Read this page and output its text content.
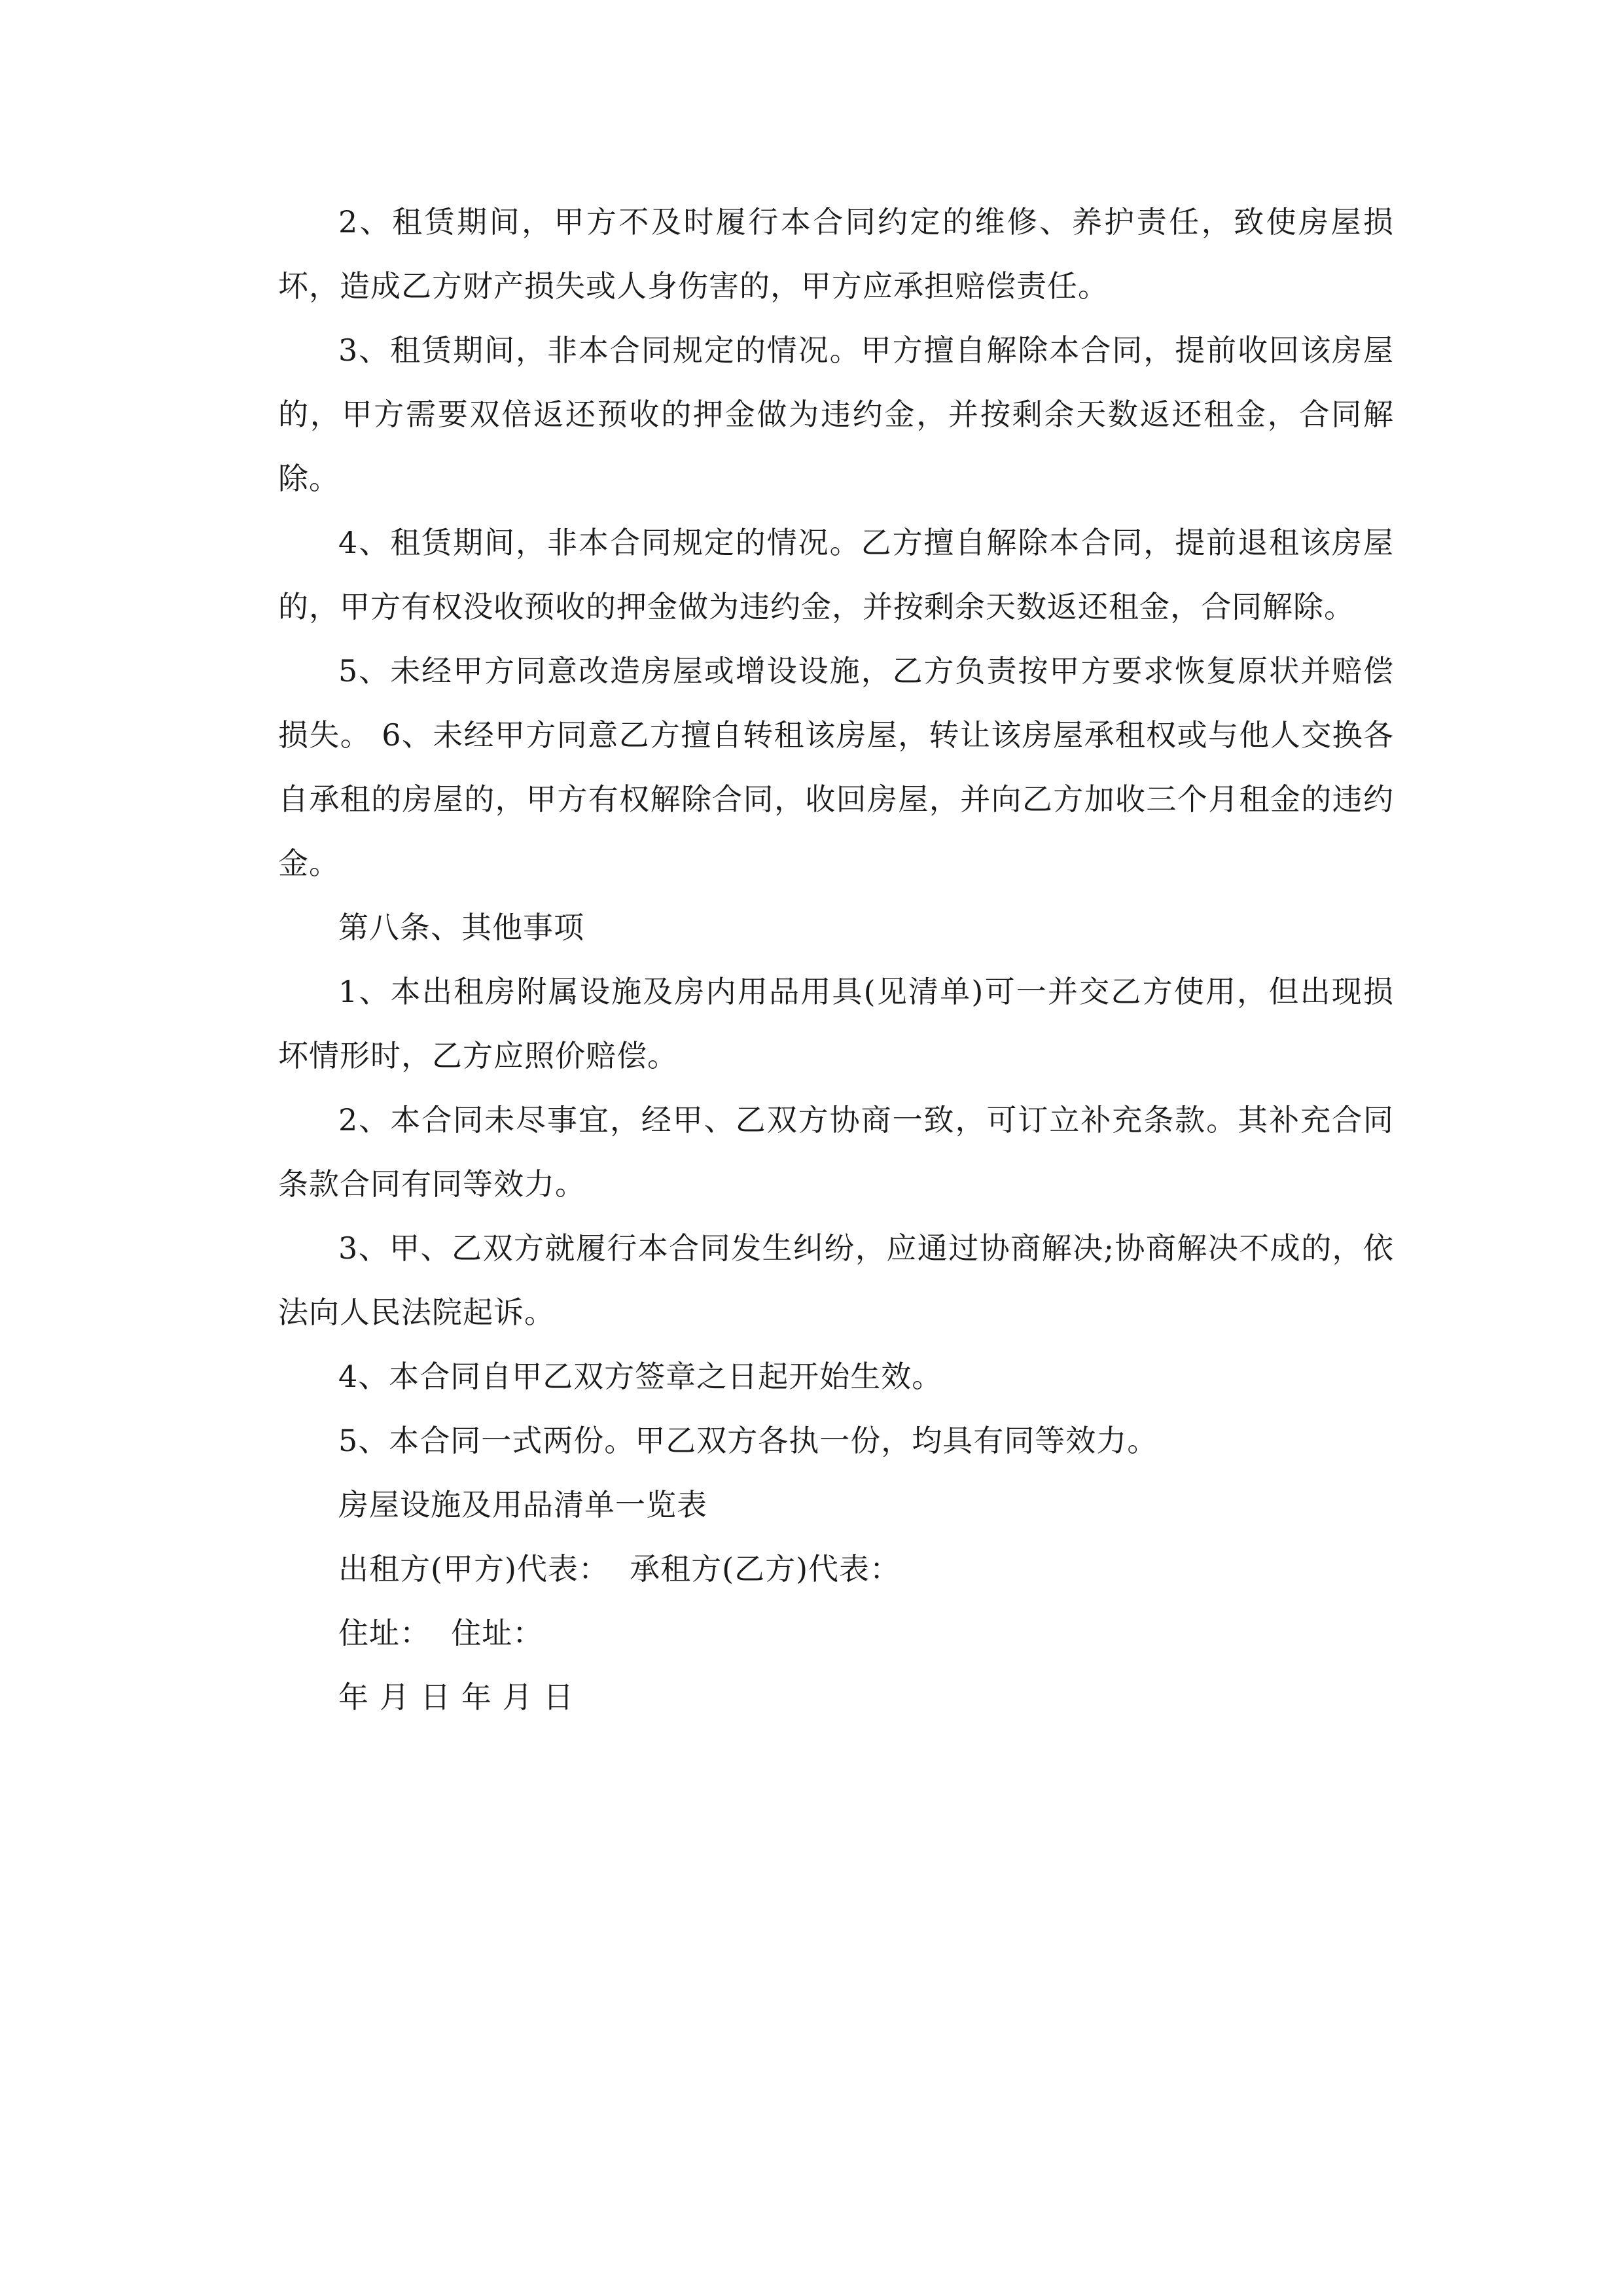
2、租赁期间，甲方不及时履行本合同约定的维修、养护责任，致使房屋损坏，造成乙方财产损失或人身伤害的，甲方应承担赔偿责任。

3、租赁期间，非本合同规定的情况。甲方擅自解除本合同，提前收回该房屋的，甲方需要双倍返还预收的押金做为违约金，并按剩余天数返还租金，合同解除。

4、租赁期间，非本合同规定的情况。乙方擅自解除本合同，提前退租该房屋的，甲方有权没收预收的押金做为违约金，并按剩余天数返还租金，合同解除。

5、未经甲方同意改造房屋或增设设施，乙方负责按甲方要求恢复原状并赔偿损失。 6、未经甲方同意乙方擅自转租该房屋，转让该房屋承租权或与他人交换各自承租的房屋的，甲方有权解除合同，收回房屋，并向乙方加收三个月租金的违约金。

第八条、其他事项

1、本出租房附属设施及房内用品用具(见清单)可一并交乙方使用，但出现损坏情形时，乙方应照价赔偿。

2、本合同未尽事宜，经甲、乙双方协商一致，可订立补充条款。其补充合同条款合同有同等效力。

3、甲、乙双方就履行本合同发生纠纷，应通过协商解决;协商解决不成的，依法向人民法院起诉。

4、本合同自甲乙双方签章之日起开始生效。

5、本合同一式两份。甲乙双方各执一份，均具有同等效力。

房屋设施及用品清单一览表

出租方(甲方)代表：  承租方(乙方)代表：

住址：  住址：

年 月 日 年 月 日
